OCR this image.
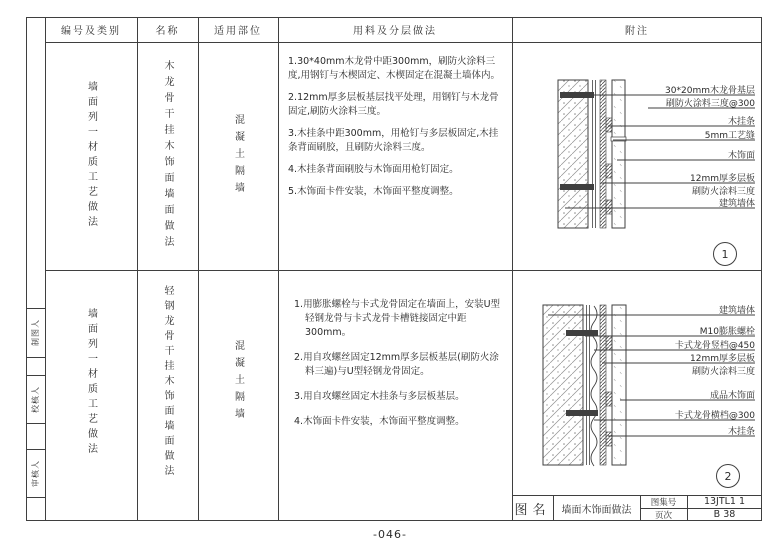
编号及类别	名称	适用部位	用料及分层做法	附注
墙面列一材质工艺做法	木龙骨干挂木饰面墙面做法	混凝土隔墙
1.30*40mm木龙骨中距300mm，刷防火涂料三度,用钢钉与木楔固定、木楔固定在混凝土墙体内。
2.12mm厚多层板基层找平处理，用钢钉与木龙骨固定,刷防火涂料三度。
3.木挂条中距300mm，用枪钉与多层板固定,木挂条背面刷胶，且刷防火涂料三度。
4.木挂条背面刷胶与木饰面用枪钉固定。
5.木饰面卡件安装，木饰面平整度调整。
墙面列一材质工艺做法	轻钢龙骨干挂木饰面墙面做法	混凝土隔墙
1.用膨胀螺栓与卡式龙骨固定在墙面上，安装U型轻钢龙骨与卡式龙骨卡槽链接固定中距300mm。
2.用自攻螺丝固定12mm厚多层板基层(刷防火涂料三遍)与U型轻钢龙骨固定。
3.用自攻螺丝固定木挂条与多层板基层。
4.木饰面卡件安装，木饰面平整度调整。
30*20mm木龙骨基层
刷防火涂料三度@300
木挂条
5mm工艺缝
木饰面
12mm厚多层板
刷防火涂料三度
建筑墙体
1
建筑墙体
M10膨胀螺栓
卡式龙骨竖档@450
12mm厚多层板
刷防火涂料三度
成品木饰面
卡式龙骨横档@300
木挂条
2
制图人
校核人
审核人
图名	墙面木饰面做法
图集号	13JTL1 1
页次	B 38
-046-
